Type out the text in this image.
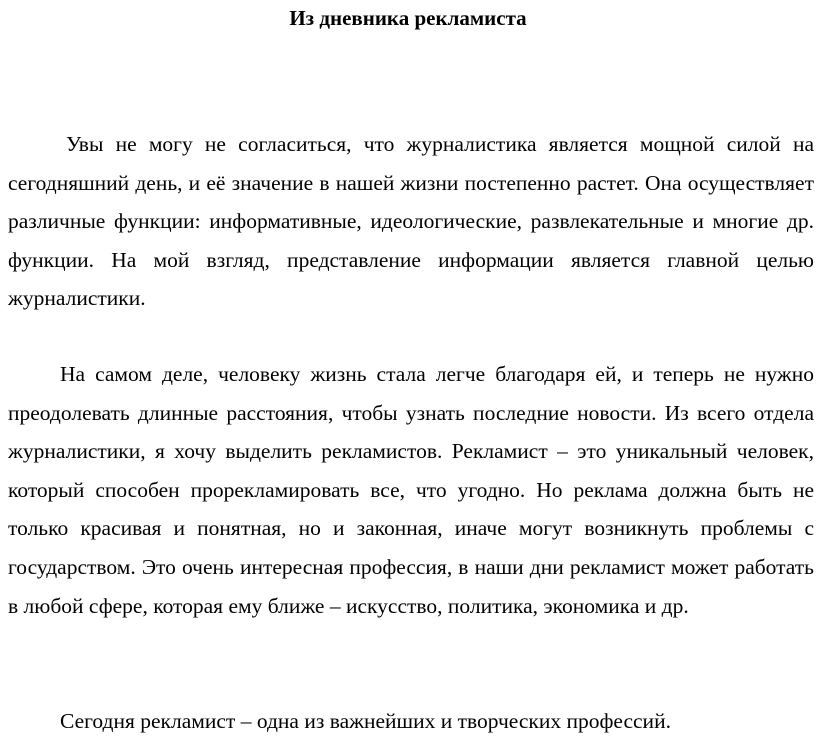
Из дневника рекламиста

Увы не могу не согласиться, что журналистика является мощной силой на сегодняшний день, и её значение в нашей жизни постепенно растет. Она осуществляет различные функции: информативные, идеологические, развлекательные и многие др. функции. На мой взгляд, представление информации является главной целью журналистики.

На самом деле, человеку жизнь стала легче благодаря ей, и теперь не нужно преодолевать длинные расстояния, чтобы узнать последние новости. Из всего отдела журналистики, я хочу выделить рекламистов. Рекламист – это уникальный человек, который способен прорекламировать все, что угодно. Но реклама должна быть не только красивая и понятная, но и законная, иначе могут возникнуть проблемы с государством. Это очень интересная профессия, в наши дни рекламист может работать в любой сфере, которая ему ближе – искусство, политика, экономика и др.

Сегодня рекламист – одна из важнейших и творческих профессий.
